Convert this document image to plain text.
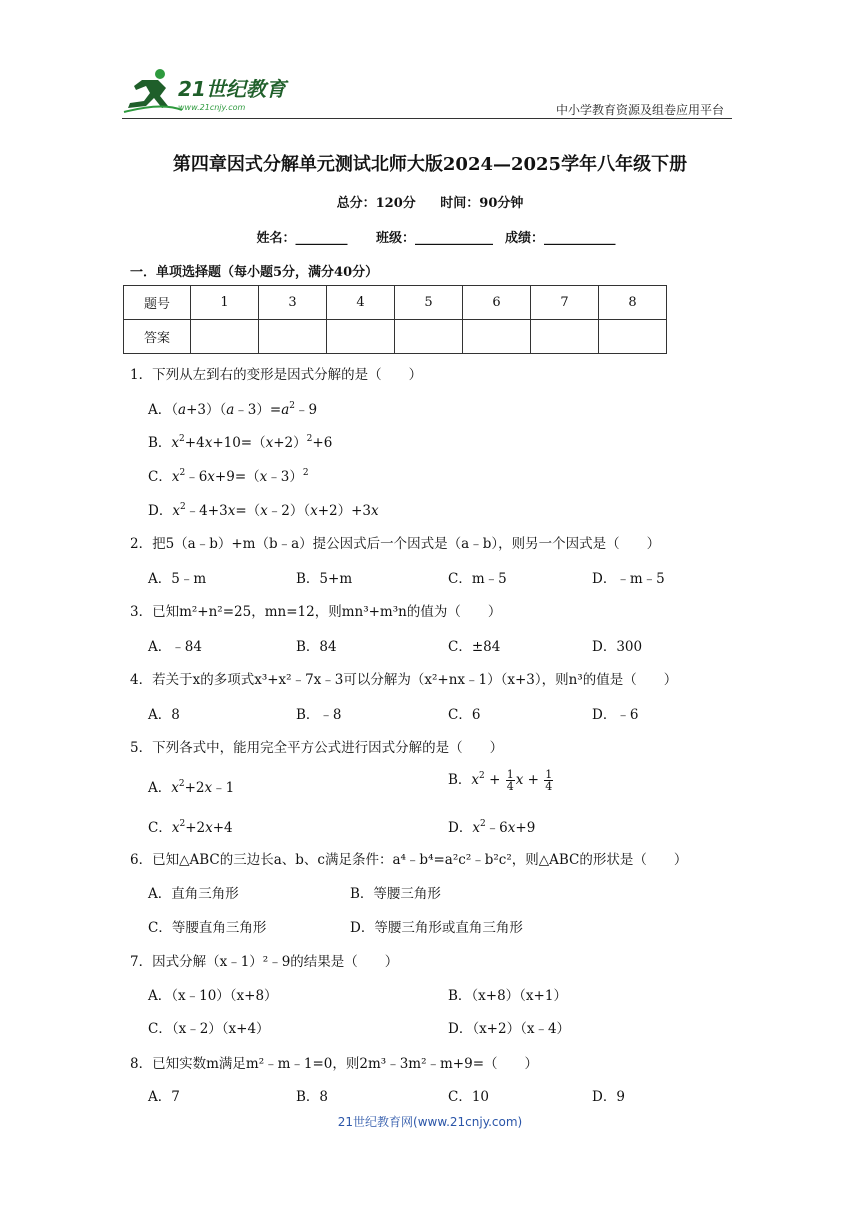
21世纪教育
www.21cnjy.com	中小学教育资源及组卷应用平台
第四章因式分解单元测试北师大版2024—2025学年八年级下册
总分：120分 时间：90分钟
姓名：________ 班级：____________ 成绩：___________
一．单项选择题（每小题5分，满分40分）
题号	1	3	4	5	6	7	8
答案							
1．下列从左到右的变形是因式分解的是（　　）
A．$(a+3)(a﹣3)=a^2﹣9$
B．$x^2+4x+10=(x+2)^2+6$
C．$x^2﹣6x+9=(x﹣3)^2$
D．$x^2﹣4+3x=(x﹣2)(x+2)+3x$
2．把5（a﹣b）+m（b﹣a）提公因式后一个因式是（a﹣b），则另一个因式是（　　）
A．5﹣m	B．5+m	C．m﹣5	D．﹣m﹣5
3．已知m²+n²=25，mn=12，则mn³+m³n的值为（　　）
A．﹣84	B．84	C．±84	D．300
4．若关于x的多项式x³+x²﹣7x﹣3可以分解为（x²+nx﹣1）（x+3），则n³的值是（　　）
A．8	B．﹣8	C．6	D．﹣6
5．下列各式中，能用完全平方公式进行因式分解的是（　　）
A．$x^2+2x﹣1$	B．$x^2 + \frac{1}{4}$ $x + \frac{1}{4}$
C．$x^2+2x+4$	D．$x^2﹣6x+9$
6．已知△ABC的三边长a、b、c满足条件：a⁴﹣b⁴=a²c²﹣b²c²，则△ABC的形状是（　　）
A．直角三角形	B．等腰三角形
C．等腰直角三角形	D．等腰三角形或直角三角形
7．因式分解（x﹣1）²﹣9的结果是（　　）
A．（x﹣10）（x+8）	B．（x+8）（x+1）
C．（x﹣2）（x+4）	D．（x+2）（x﹣4）
8．已知实数m满足m²﹣m﹣1=0，则2m³﹣3m²﹣m+9=（　　）
A．7	B．8	C．10	D．9
21世纪教育网(www.21cnjy.com)
